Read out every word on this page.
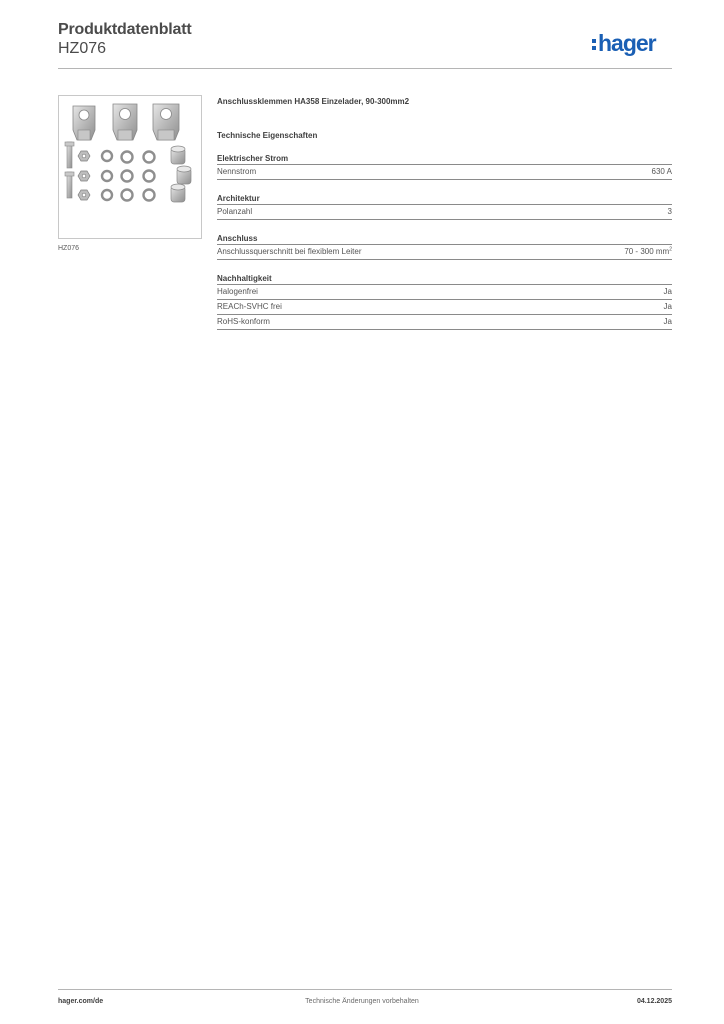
Produktdatenblatt
HZ076	hager
HZ076
Anschlussklemmen HA358 Einzelader, 90-300mm2
Technische Eigenschaften
Elektrischer Strom
Nennstrom	630 A
Architektur
Polanzahl	3
Anschluss
Anschlussquerschnitt bei flexiblem Leiter	70 - 300 $mm^2$
Nachhaltigkeit
Halogenfrei	Ja
REACh-SVHC frei	Ja
RoHS-konform	Ja
hager.com/de	Technische Änderungen vorbehalten	04.12.2025
